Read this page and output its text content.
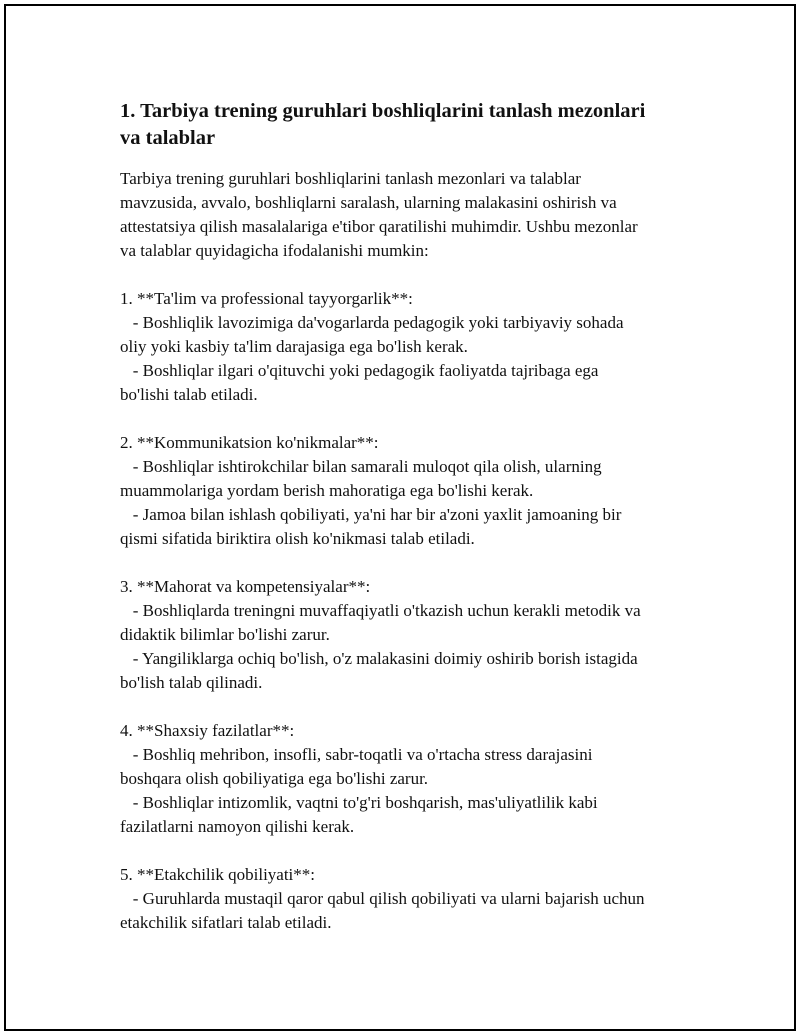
1. Tarbiya trening guruhlari boshliqlarini tanlash mezonlari
va talablar
Tarbiya trening guruhlari boshliqlarini tanlash mezonlari va talablar
mavzusida, avvalo, boshliqlarni saralash, ularning malakasini oshirish va
attestatsiya qilish masalalariga e'tibor qaratilishi muhimdir. Ushbu mezonlar
va talablar quyidagicha ifodalanishi mumkin:
1. **Ta'lim va professional tayyorgarlik**:
- Boshliqlik lavozimiga da'vogarlarda pedagogik yoki tarbiyaviy sohada
oliy yoki kasbiy ta'lim darajasiga ega bo'lish kerak.
- Boshliqlar ilgari o'qituvchi yoki pedagogik faoliyatda tajribaga ega
bo'lishi talab etiladi.
2. **Kommunikatsion ko'nikmalar**:
- Boshliqlar ishtirokchilar bilan samarali muloqot qila olish, ularning
muammolariga yordam berish mahoratiga ega bo'lishi kerak.
- Jamoa bilan ishlash qobiliyati, ya'ni har bir a'zoni yaxlit jamoaning bir
qismi sifatida biriktira olish ko'nikmasi talab etiladi.
3. **Mahorat va kompetensiyalar**:
- Boshliqlarda treningni muvaffaqiyatli o'tkazish uchun kerakli metodik va
didaktik bilimlar bo'lishi zarur.
- Yangiliklarga ochiq bo'lish, o'z malakasini doimiy oshirib borish istagida
bo'lish talab qilinadi.
4. **Shaxsiy fazilatlar**:
- Boshliq mehribon, insofli, sabr-toqatli va o'rtacha stress darajasini
boshqara olish qobiliyatiga ega bo'lishi zarur.
- Boshliqlar intizomlik, vaqtni to'g'ri boshqarish, mas'uliyatlilik kabi
fazilatlarni namoyon qilishi kerak.
5. **Etakchilik qobiliyati**:
- Guruhlarda mustaqil qaror qabul qilish qobiliyati va ularni bajarish uchun
etakchilik sifatlari talab etiladi.
